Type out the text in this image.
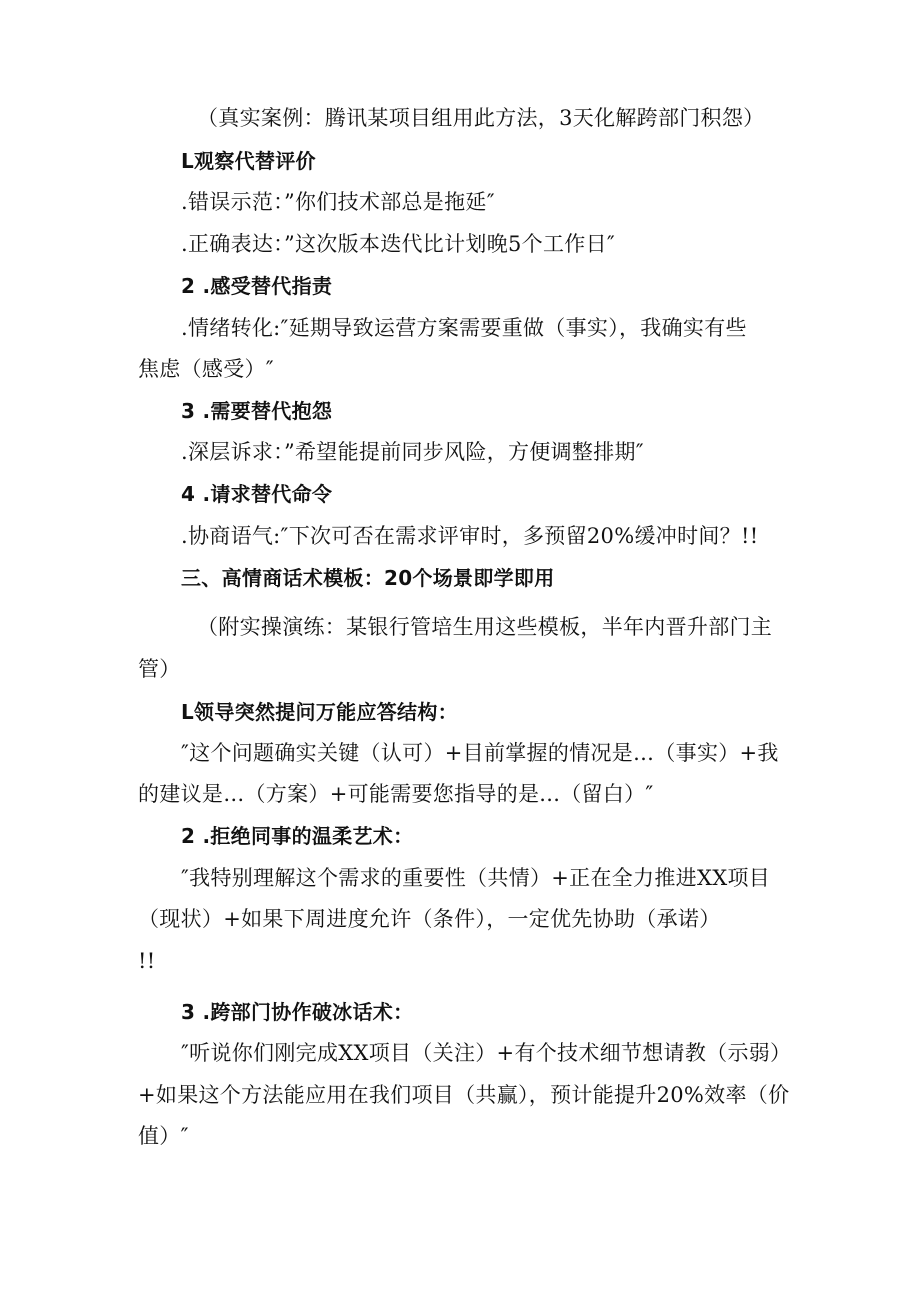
（真实案例：腾讯某项目组用此方法，3天化解跨部门积怨）

L观察代替评价

.错误示范：”你们技术部总是拖延″

.正确表达：”这次版本迭代比计划晚5个工作日″

2 .感受替代指责

.情绪转化:″延期导致运营方案需要重做（事实），我确实有些

焦虑（感受）″

3 .需要替代抱怨

.深层诉求：”希望能提前同步风险，方便调整排期″

4 .请求替代命令

.协商语气:″下次可否在需求评审时，多预留20%缓冲时间？!!

三、高情商话术模板：20个场景即学即用

（附实操演练：某银行管培生用这些模板，半年内晋升部门主

管）

L领导突然提问万能应答结构：

″这个问题确实关键（认可）+目前掌握的情况是…（事实）+我

的建议是…（方案）+可能需要您指导的是...（留白）″

2 .拒绝同事的温柔艺术：

″我特别理解这个需求的重要性（共情）+正在全力推进XX项目

（现状）+如果下周进度允许（条件），一定优先协助（承诺）

!!

3 .跨部门协作破冰话术：

″听说你们刚完成XX项目（关注）+有个技术细节想请教（示弱）

+如果这个方法能应用在我们项目（共赢），预计能提升20%效率（价

值）″
